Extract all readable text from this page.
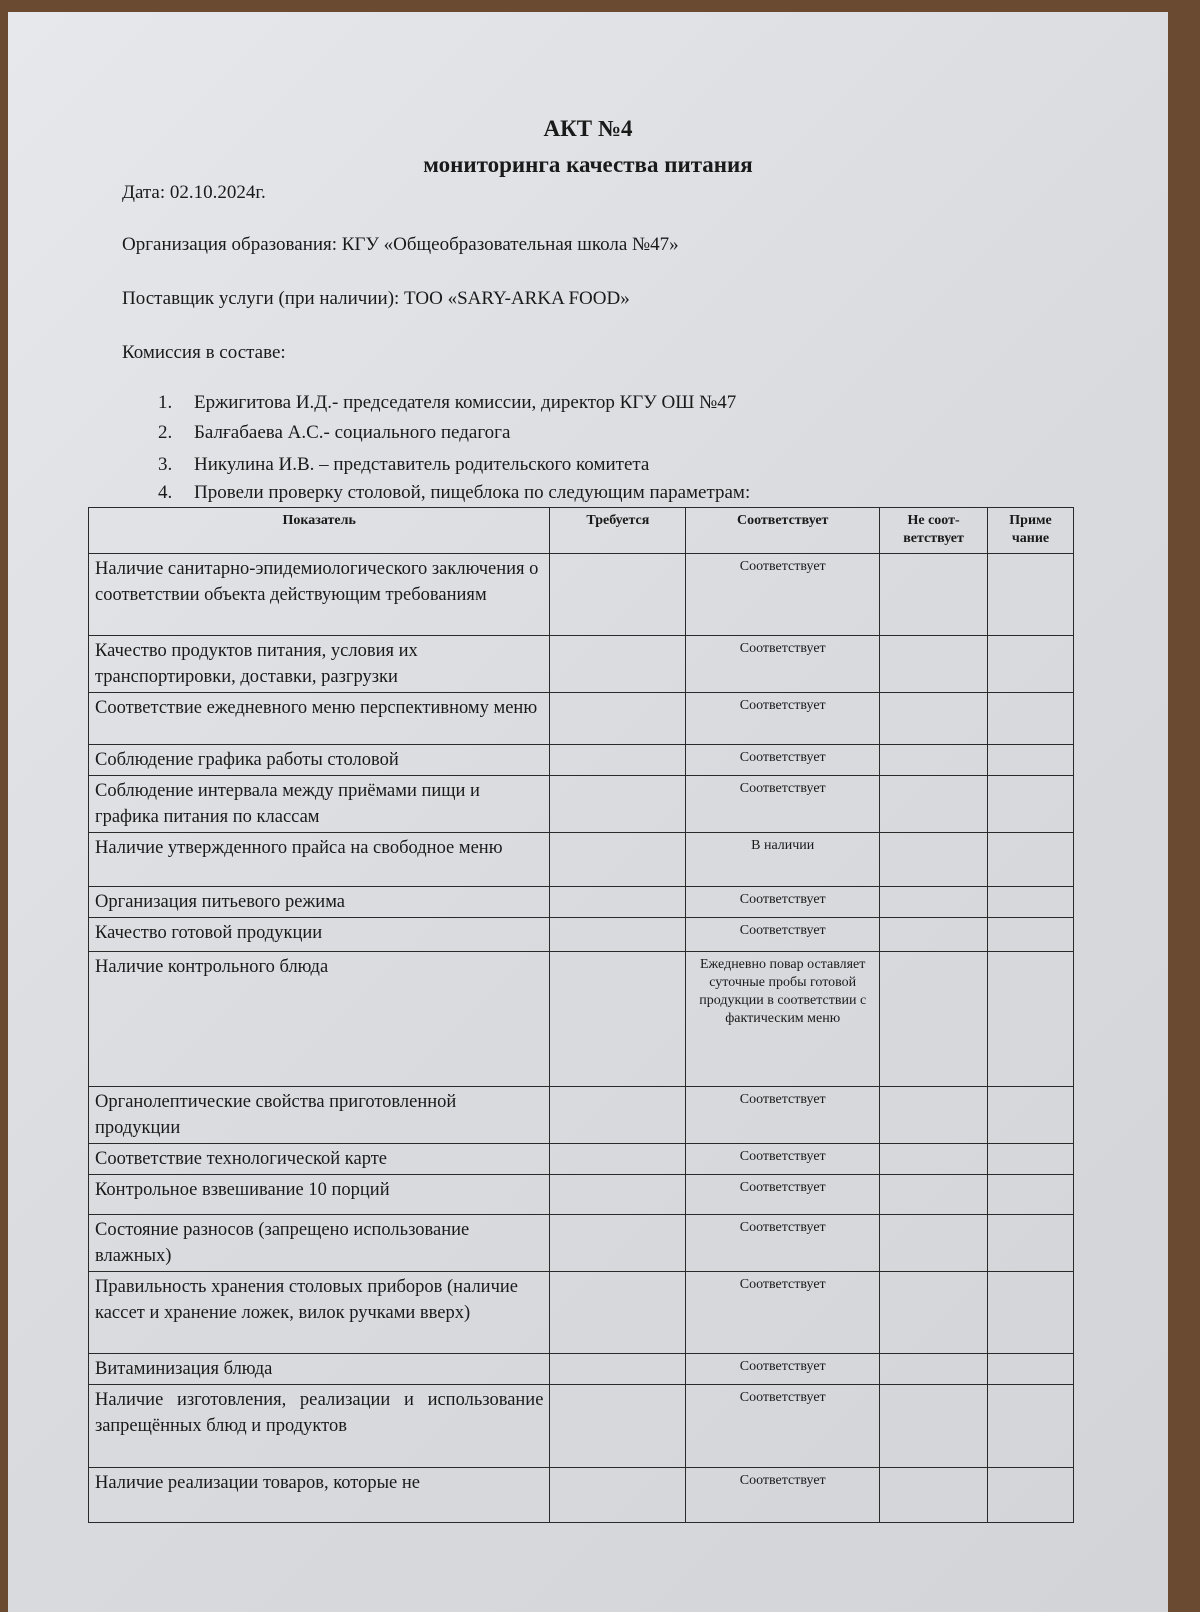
АКТ №4
мониторинга качества питания
Дата: 02.10.2024г.
Организация образования: КГУ «Общеобразовательная школа №47»
Поставщик услуги (при наличии): ТОО «SARY-ARKA FOOD»
Комиссия в составе:
1. Ержигитова И.Д.- председателя комиссии, директор КГУ ОШ №47
2. Балғабаева А.С.- социального педагога
3. Никулина И.В. – представитель родительского комитета
4. Провели проверку столовой, пищеблока по следующим параметрам:
Показатель	Требуется	Соответствует	Не соот-ветствует	Приме чание
Наличие санитарно-эпидемиологического заключения о соответствии объекта действующим требованиям		Соответствует		
Качество продуктов питания, условия их транспортировки, доставки, разгрузки		Соответствует		
Соответствие ежедневного меню перспективному меню		Соответствует		
Соблюдение графика работы столовой		Соответствует		
Соблюдение интервала между приёмами пищи и графика питания по классам		Соответствует		
Наличие утвержденного прайса на свободное меню		В наличии		
Организация питьевого режима		Соответствует		
Качество готовой продукции		Соответствует		
Наличие контрольного блюда		Ежедневно повар оставляет суточные пробы готовой продукции в соответствии с фактическим меню		
Органолептические свойства приготовленной продукции		Соответствует		
Соответствие технологической карте		Соответствует		
Контрольное взвешивание 10 порций		Соответствует		
Состояние разносов (запрещено использование влажных)		Соответствует		
Правильность хранения столовых приборов (наличие кассет и хранение ложек, вилок ручками вверх)		Соответствует		
Витаминизация блюда		Соответствует		
Наличие изготовления, реализации и использование запрещённых блюд и продуктов		Соответствует		
Наличие реализации товаров, которые не		Соответствует		
